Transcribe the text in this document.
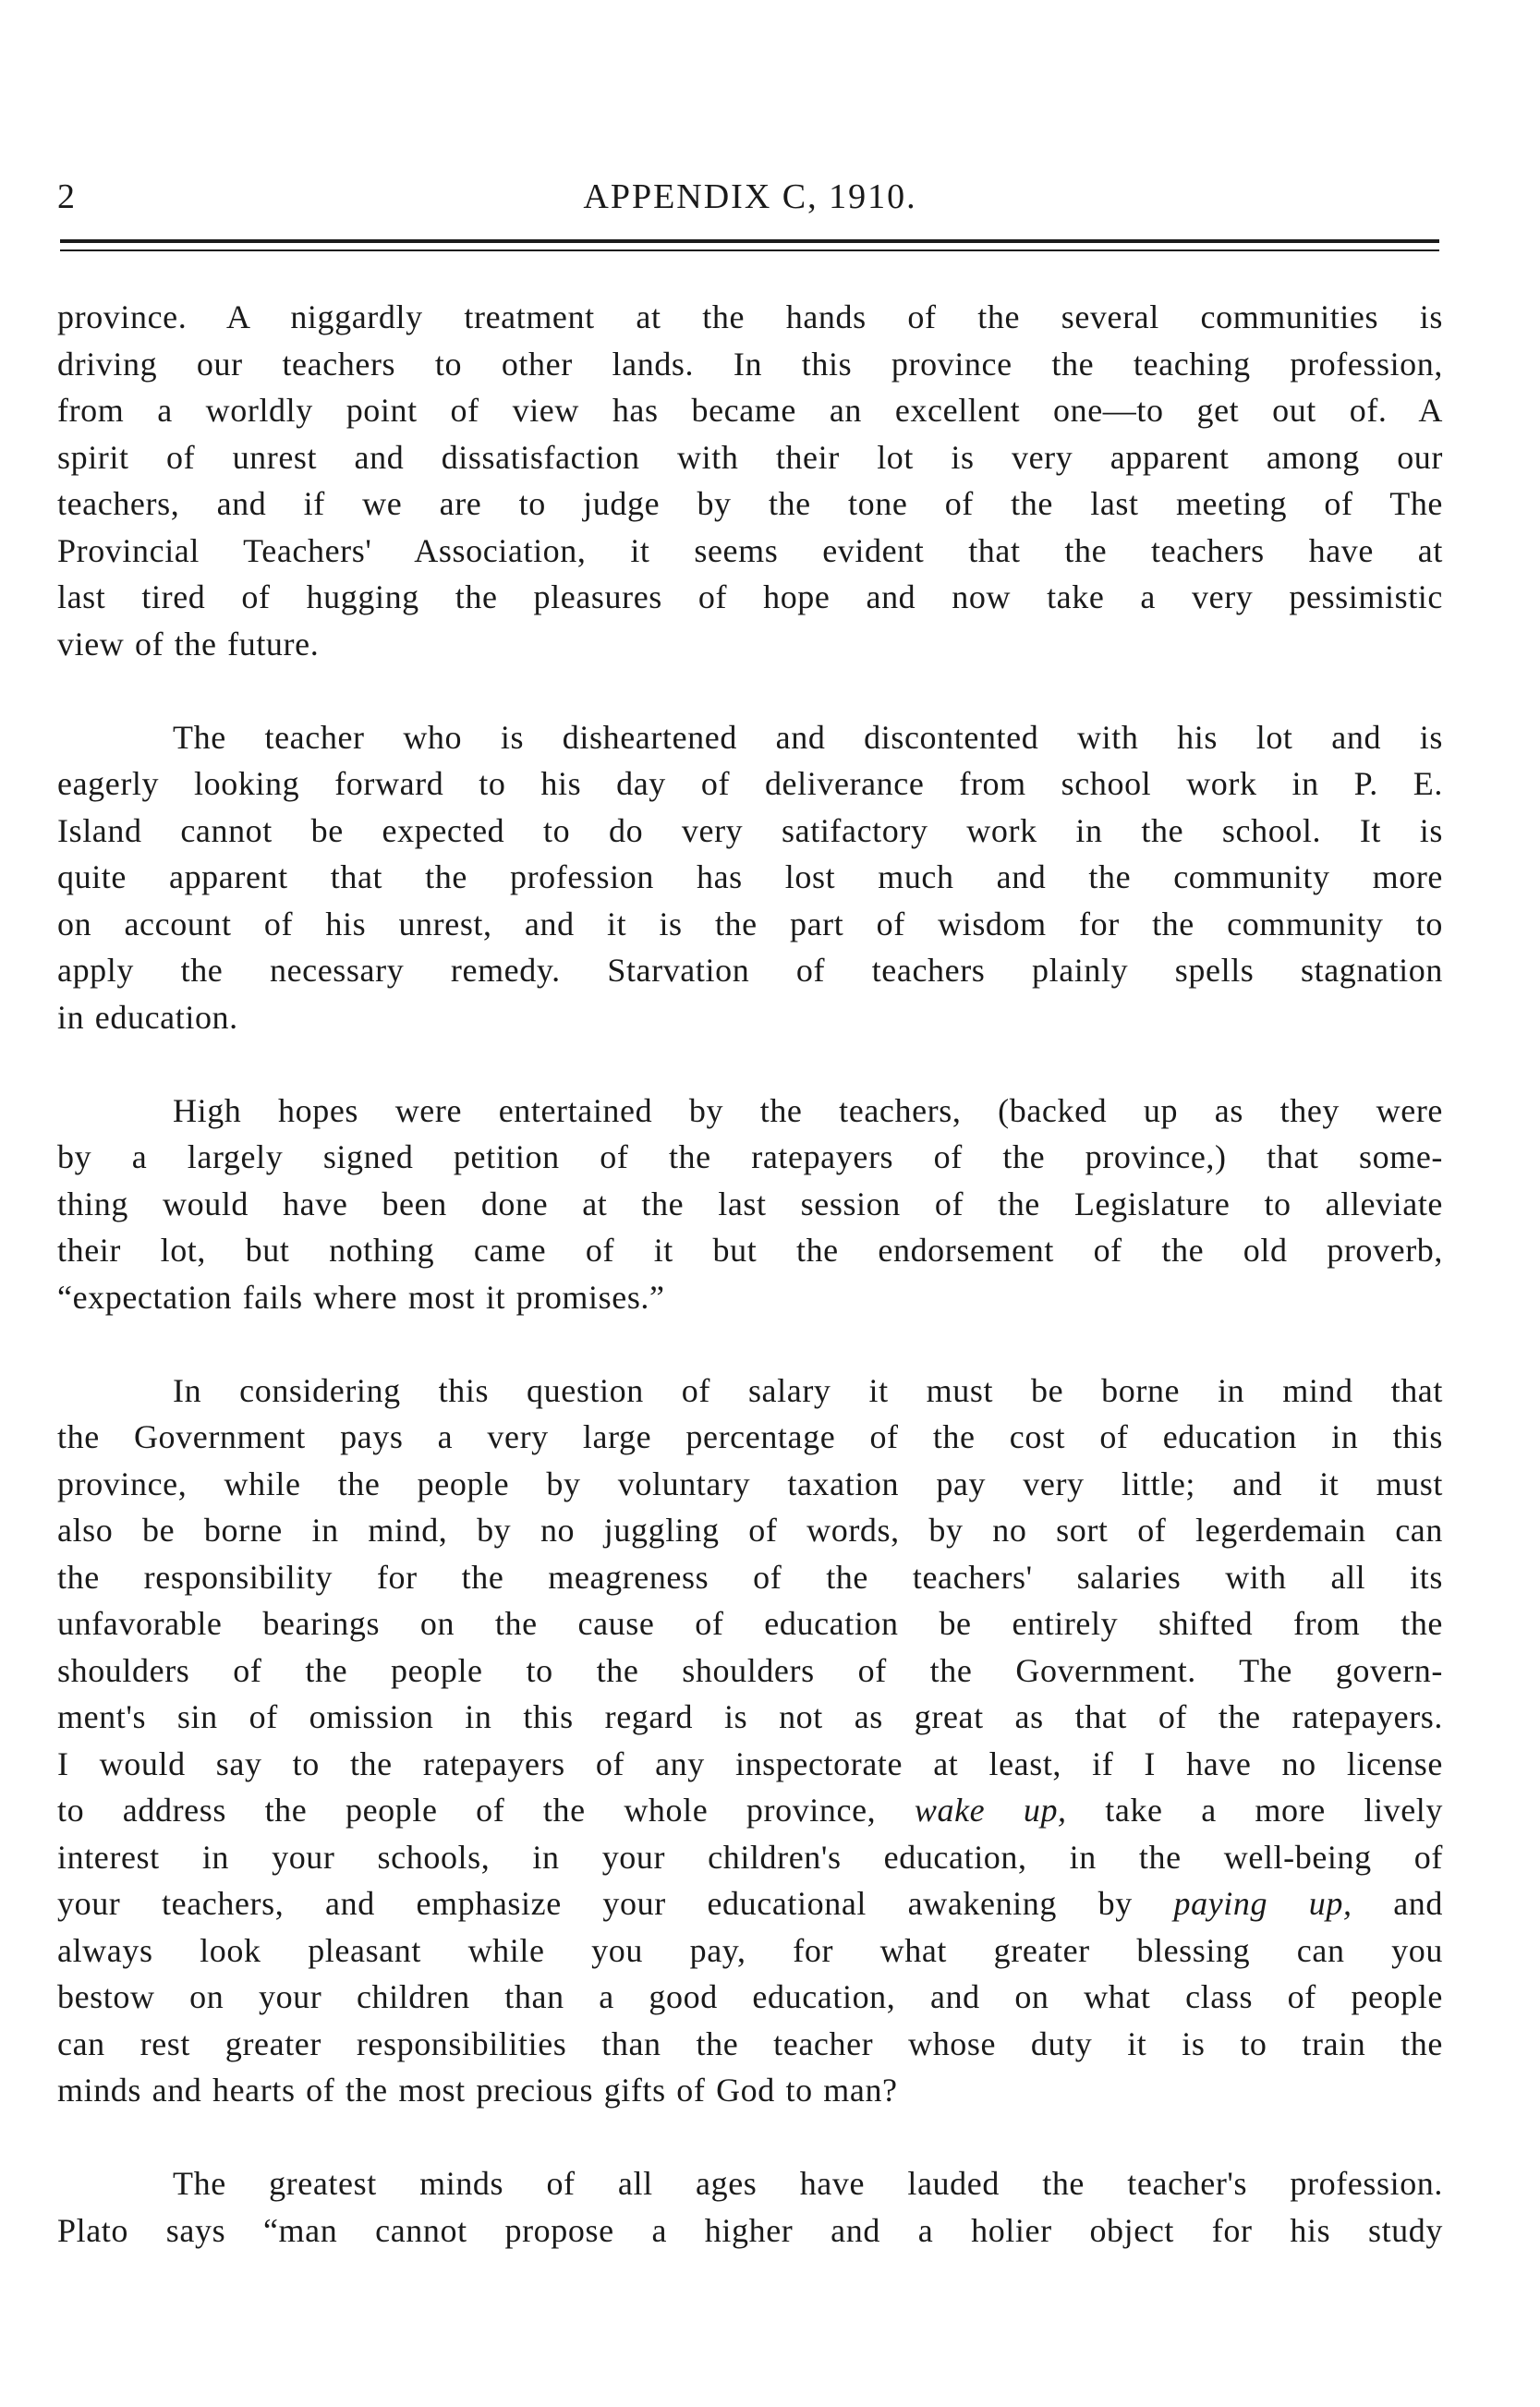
2	APPENDIX C, 1910.
province. A niggardly treatment at the hands of the several communities is
driving our teachers to other lands. In this province the teaching profession,
from a worldly point of view has became an excellent one—to get out of. A
spirit of unrest and dissatisfaction with their lot is very apparent among our
teachers, and if we are to judge by the tone of the last meeting of The
Provincial Teachers' Association, it seems evident that the teachers have at
last tired of hugging the pleasures of hope and now take a very pessimistic
view of the future.
The teacher who is disheartened and discontented with his lot and is
eagerly looking forward to his day of deliverance from school work in P. E.
Island cannot be expected to do very satifactory work in the school. It is
quite apparent that the profession has lost much and the community more
on account of his unrest, and it is the part of wisdom for the community to
apply the necessary remedy. Starvation of teachers plainly spells stagnation
in education.
High hopes were entertained by the teachers, (backed up as they were
by a largely signed petition of the ratepayers of the province,) that some-
thing would have been done at the last session of the Legislature to alleviate
their lot, but nothing came of it but the endorsement of the old proverb,
“expectation fails where most it promises.”
In considering this question of salary it must be borne in mind that
the Government pays a very large percentage of the cost of education in this
province, while the people by voluntary taxation pay very little; and it must
also be borne in mind, by no juggling of words, by no sort of legerdemain can
the responsibility for the meagreness of the teachers' salaries with all its
unfavorable bearings on the cause of education be entirely shifted from the
shoulders of the people to the shoulders of the Government. The govern-
ment's sin of omission in this regard is not as great as that of the ratepayers.
I would say to the ratepayers of any inspectorate at least, if I have no license
to address the people of the whole province, wake up, take a more lively
interest in your schools, in your children's education, in the well-being of
your teachers, and emphasize your educational awakening by paying up, and
always look pleasant while you pay, for what greater blessing can you
bestow on your children than a good education, and on what class of people
can rest greater responsibilities than the teacher whose duty it is to train the
minds and hearts of the most precious gifts of God to man?
The greatest minds of all ages have lauded the teacher's profession.
Plato says “man cannot propose a higher and a holier object for his study
